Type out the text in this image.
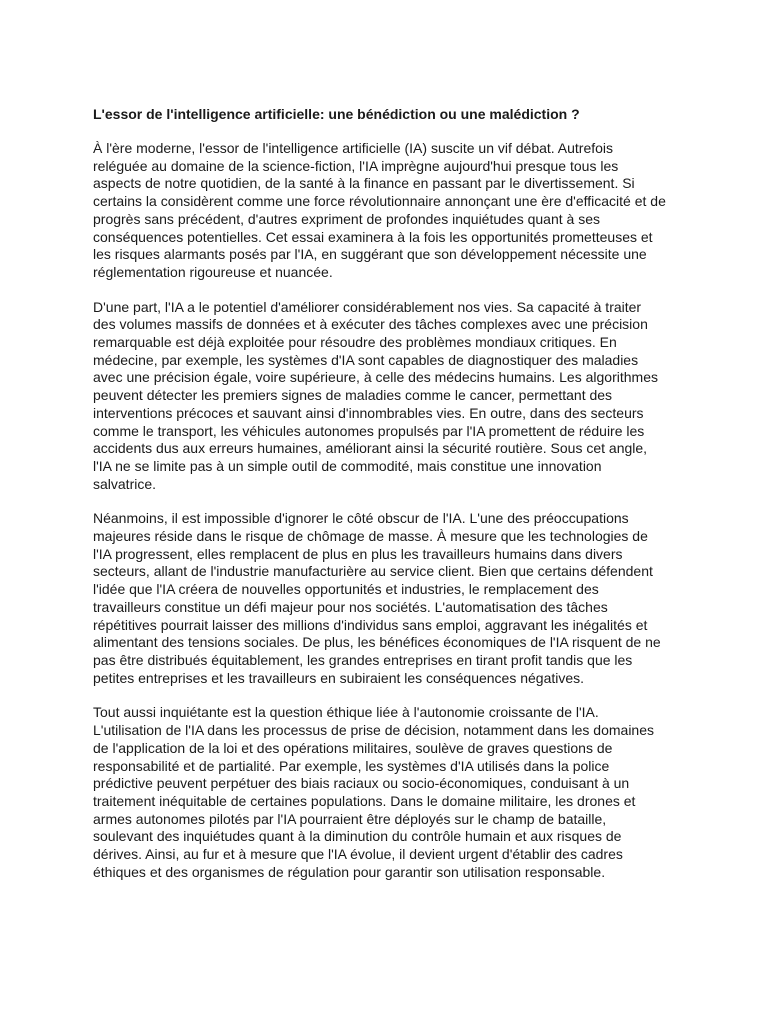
L'essor de l'intelligence artificielle: une bénédiction ou une malédiction ?

À l'ère moderne, l'essor de l'intelligence artificielle (IA) suscite un vif débat. Autrefois
reléguée au domaine de la science-fiction, l'IA imprègne aujourd'hui presque tous les
aspects de notre quotidien, de la santé à la finance en passant par le divertissement. Si
certains la considèrent comme une force révolutionnaire annonçant une ère d'efficacité et de
progrès sans précédent, d'autres expriment de profondes inquiétudes quant à ses
conséquences potentielles. Cet essai examinera à la fois les opportunités prometteuses et
les risques alarmants posés par l'IA, en suggérant que son développement nécessite une
réglementation rigoureuse et nuancée.

D'une part, l'IA a le potentiel d'améliorer considérablement nos vies. Sa capacité à traiter
des volumes massifs de données et à exécuter des tâches complexes avec une précision
remarquable est déjà exploitée pour résoudre des problèmes mondiaux critiques. En
médecine, par exemple, les systèmes d'IA sont capables de diagnostiquer des maladies
avec une précision égale, voire supérieure, à celle des médecins humains. Les algorithmes
peuvent détecter les premiers signes de maladies comme le cancer, permettant des
interventions précoces et sauvant ainsi d'innombrables vies. En outre, dans des secteurs
comme le transport, les véhicules autonomes propulsés par l'IA promettent de réduire les
accidents dus aux erreurs humaines, améliorant ainsi la sécurité routière. Sous cet angle,
l'IA ne se limite pas à un simple outil de commodité, mais constitue une innovation
salvatrice.

Néanmoins, il est impossible d'ignorer le côté obscur de l'IA. L'une des préoccupations
majeures réside dans le risque de chômage de masse. À mesure que les technologies de
l'IA progressent, elles remplacent de plus en plus les travailleurs humains dans divers
secteurs, allant de l'industrie manufacturière au service client. Bien que certains défendent
l'idée que l'IA créera de nouvelles opportunités et industries, le remplacement des
travailleurs constitue un défi majeur pour nos sociétés. L'automatisation des tâches
répétitives pourrait laisser des millions d'individus sans emploi, aggravant les inégalités et
alimentant des tensions sociales. De plus, les bénéfices économiques de l'IA risquent de ne
pas être distribués équitablement, les grandes entreprises en tirant profit tandis que les
petites entreprises et les travailleurs en subiraient les conséquences négatives.

Tout aussi inquiétante est la question éthique liée à l'autonomie croissante de l'IA.
L'utilisation de l'IA dans les processus de prise de décision, notamment dans les domaines
de l'application de la loi et des opérations militaires, soulève de graves questions de
responsabilité et de partialité. Par exemple, les systèmes d'IA utilisés dans la police
prédictive peuvent perpétuer des biais raciaux ou socio-économiques, conduisant à un
traitement inéquitable de certaines populations. Dans le domaine militaire, les drones et
armes autonomes pilotés par l'IA pourraient être déployés sur le champ de bataille,
soulevant des inquiétudes quant à la diminution du contrôle humain et aux risques de
dérives. Ainsi, au fur et à mesure que l'IA évolue, il devient urgent d'établir des cadres
éthiques et des organismes de régulation pour garantir son utilisation responsable.
